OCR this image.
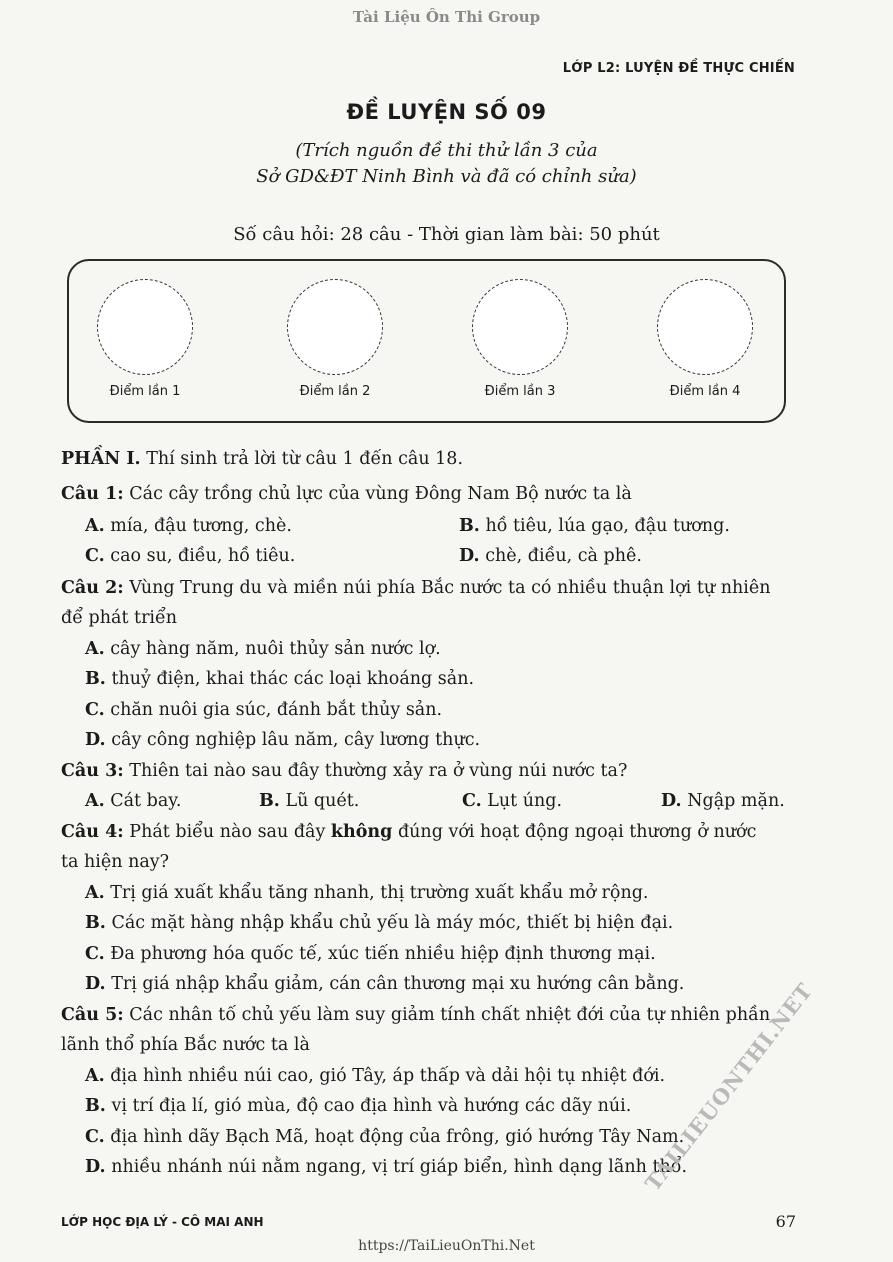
Tài Liệu Ôn Thi Group
LỚP L2: LUYỆN ĐỀ THỰC CHIẾN
ĐỀ LUYỆN SỐ 09
(Trích nguồn đề thi thử lần 3 của
Sở GD&ĐT Ninh Bình và đã có chỉnh sửa)
Số câu hỏi: 28 câu - Thời gian làm bài: 50 phút
Điểm lần 1	Điểm lần 2	Điểm lần 3	Điểm lần 4
PHẦN I. Thí sinh trả lời từ câu 1 đến câu 18.
Câu 1: Các cây trồng chủ lực của vùng Đông Nam Bộ nước ta là
A. mía, đậu tương, chè.	B. hồ tiêu, lúa gạo, đậu tương.
C. cao su, điều, hồ tiêu.	D. chè, điều, cà phê.
Câu 2: Vùng Trung du và miền núi phía Bắc nước ta có nhiều thuận lợi tự nhiên
để phát triển
A. cây hàng năm, nuôi thủy sản nước lợ.
B. thuỷ điện, khai thác các loại khoáng sản.
C. chăn nuôi gia súc, đánh bắt thủy sản.
D. cây công nghiệp lâu năm, cây lương thực.
Câu 3: Thiên tai nào sau đây thường xảy ra ở vùng núi nước ta?
A. Cát bay.	B. Lũ quét.	C. Lụt úng.	D. Ngập mặn.
Câu 4: Phát biểu nào sau đây không đúng với hoạt động ngoại thương ở nước
ta hiện nay?
A. Trị giá xuất khẩu tăng nhanh, thị trường xuất khẩu mở rộng.
B. Các mặt hàng nhập khẩu chủ yếu là máy móc, thiết bị hiện đại.
C. Đa phương hóa quốc tế, xúc tiến nhiều hiệp định thương mại.
D. Trị giá nhập khẩu giảm, cán cân thương mại xu hướng cân bằng.
Câu 5: Các nhân tố chủ yếu làm suy giảm tính chất nhiệt đới của tự nhiên phần
lãnh thổ phía Bắc nước ta là
A. địa hình nhiều núi cao, gió Tây, áp thấp và dải hội tụ nhiệt đới.
B. vị trí địa lí, gió mùa, độ cao địa hình và hướng các dãy núi.
C. địa hình dãy Bạch Mã, hoạt động của frông, gió hướng Tây Nam.
D. nhiều nhánh núi nằm ngang, vị trí giáp biển, hình dạng lãnh thổ.
TAILIEUONTHI.NET
LỚP HỌC ĐỊA LÝ - CÔ MAI ANH	67
https://TaiLieuOnThi.Net
